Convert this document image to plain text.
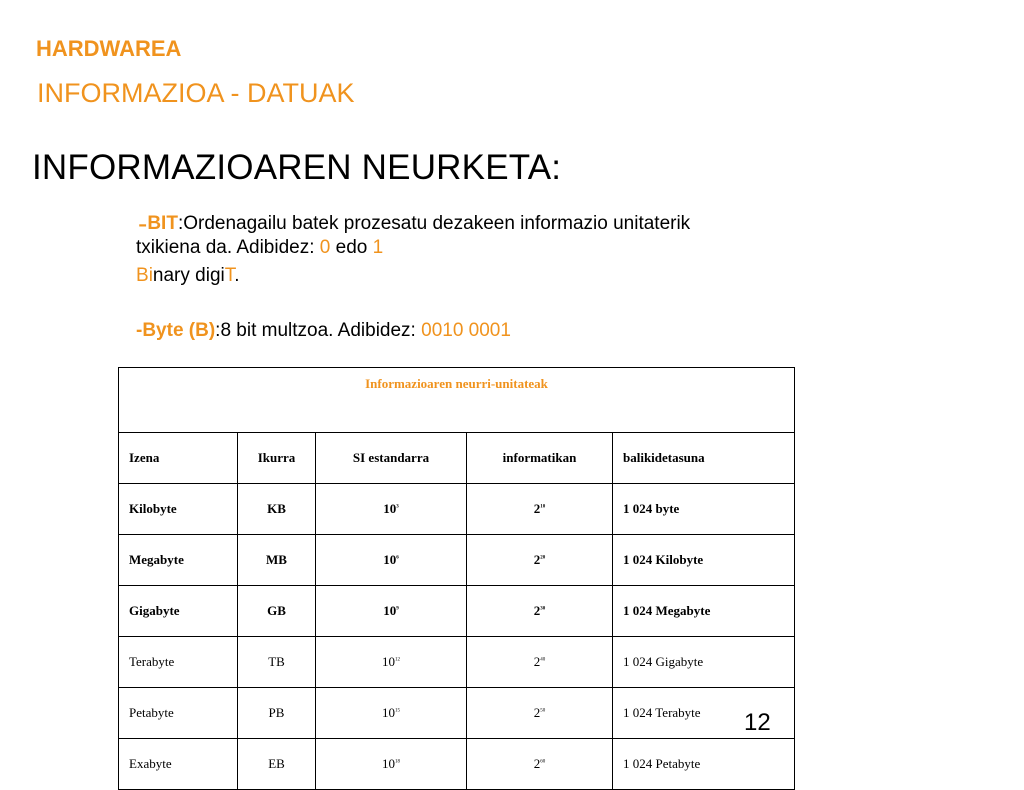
HARDWAREA
INFORMAZIOA - DATUAK
INFORMAZIOAREN NEURKETA:
-BIT:Ordenagailu batek prozesatu dezakeen informazio unitaterik
txikiena da. Adibidez: 0 edo 1
Binary digiT.
-Byte (B):8 bit multzoa. Adibidez: 0010 0001
Informazioaren neurri-unitateak				
Izena	Ikurra	SI estandarra	informatikan	balikidetasuna
Kilobyte	KB	$10^3$	$2^{10}$	1 024 byte
Megabyte	MB	$10^6$	$2^{20}$	1 024 Kilobyte
Gigabyte	GB	$10^9$	$2^{30}$	1 024 Megabyte
Terabyte	TB	$10^{12}$	$2^{40}$	1 024 Gigabyte
Petabyte	PB	$10^{15}$	$2^{50}$	1 024 Terabyte
Exabyte	EB	$10^{18}$	$2^{60}$	1 024 Petabyte
12
